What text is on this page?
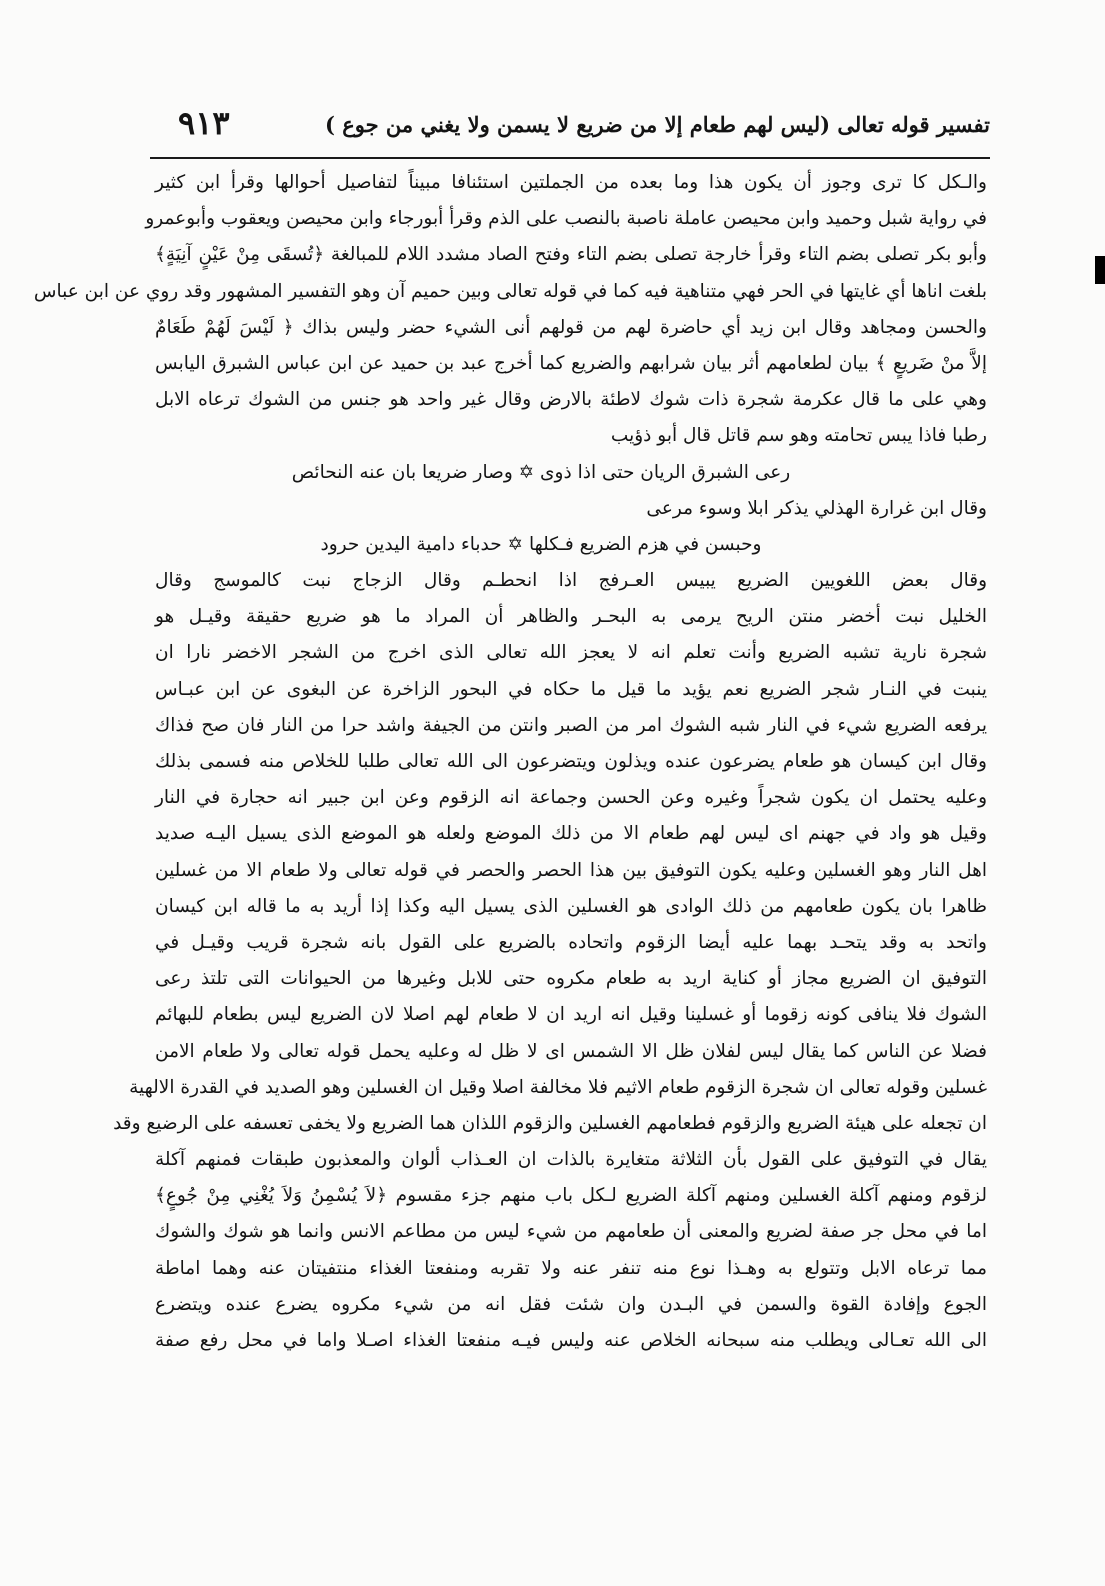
تفسير قوله تعالى (ليس لهم طعام إلا من ضريع لا يسمن ولا يغني من جوع )
۹۱۳
والـكل كا ترى وجوز أن يكون هذا وما بعده من الجملتين استئنافا مبيناً لتفاصيل أحوالها وقرأ ابن كثير
في رواية شبل وحميد وابن محيصن عاملة ناصبة بالنصب على الذم وقرأ أبورجاء وابن محيصن ويعقوب وأبوعمرو
وأبو بكر تصلى بضم التاء وقرأ خارجة تصلى بضم التاء وفتح الصاد مشدد اللام للمبالغة ﴿تُسقَى مِنْ عَيْنٍ آنِيَةٍ﴾
بلغت اناها أي غايتها في الحر فهي متناهية فيه كما في قوله تعالى وبين حميم آن وهو التفسير المشهور وقد روي عن ابن عباس
والحسن ومجاهد وقال ابن زيد أي حاضرة لهم من قولهم أنى الشيء حضر وليس بذاك ﴿ لَيْسَ لَهُمْ طَعَامٌ
إلاَّ منْ ضَريعٍ ﴾ بيان لطعامهم أثر بيان شرابهم والضريع كما أخرج عبد بن حميد عن ابن عباس الشبرق اليابس
وهي على ما قال عكرمة شجرة ذات شوك لاطئة بالارض وقال غير واحد هو جنس من الشوك ترعاه الابل
رطبا فاذا يبس تحامته وهو سم قاتل قال أبو ذؤيب
رعى الشبرق الريان حتى اذا ذوى ✡ وصار ضريعا بان عنه النحائص
وقال ابن غرارة الهذلي يذكر ابلا وسوء مرعى
وحبسن في هزم الضريع فـكلها ✡ حدباء دامية اليدين حرود
وقال بعض اللغويين الضريع يبيس العـرفج اذا انحطـم وقال الزجاج نبت كالموسج وقال
الخليل نبت أخضر منتن الريح يرمى به البحـر والظاهر أن المراد ما هو ضريع حقيقة وقيـل هو
شجرة نارية تشبه الضريع وأنت تعلم انه لا يعجز الله تعالى الذى اخرج من الشجر الاخضر نارا ان
ينبت في النـار شجر الضريع نعم يؤيد ما قيل ما حكاه في البحور الزاخرة عن البغوى عن ابن عبـاس
يرفعه الضريع شيء في النار شبه الشوك امر من الصبر وانتن من الجيفة واشد حرا من النار فان صح فذاك
وقال ابن كيسان هو طعام يضرعون عنده ويذلون ويتضرعون الى الله تعالى طلبا للخلاص منه فسمى بذلك
وعليه يحتمل ان يكون شجراً وغيره وعن الحسن وجماعة انه الزقوم وعن ابن جبير انه حجارة في النار
وقيل هو واد في جهنم اى ليس لهم طعام الا من ذلك الموضع ولعله هو الموضع الذى يسيل اليـه صديد
اهل النار وهو الغسلين وعليه يكون التوفيق بين هذا الحصر والحصر في قوله تعالى ولا طعام الا من غسلين
ظاهرا بان يكون طعامهم من ذلك الوادى هو الغسلين الذى يسيل اليه وكذا إذا أريد به ما قاله ابن كيسان
واتحد به وقد يتحـد بهما عليه أيضا الزقوم واتحاده بالضريع على القول بانه شجرة قريب وقيـل في
التوفيق ان الضريع مجاز أو كناية اريد به طعام مكروه حتى للابل وغيرها من الحيوانات التى تلتذ رعى
الشوك فلا ينافى كونه زقوما أو غسلينا وقيل انه اريد ان لا طعام لهم اصلا لان الضريع ليس بطعام للبهائم
فضلا عن الناس كما يقال ليس لفلان ظل الا الشمس اى لا ظل له وعليه يحمل قوله تعالى ولا طعام الامن
غسلين وقوله تعالى ان شجرة الزقوم طعام الاثيم فلا مخالفة اصلا وقيل ان الغسلين وهو الصديد في القدرة الالهية
ان تجعله على هيئة الضريع والزقوم فطعامهم الغسلين والزقوم اللذان هما الضريع ولا يخفى تعسفه على الرضيع وقد
يقال في التوفيق على القول بأن الثلاثة متغايرة بالذات ان العـذاب ألوان والمعذبون طبقات فمنهم آكلة
لزقوم ومنهم آكلة الغسلين ومنهم آكلة الضريع لـكل باب منهم جزء مقسوم ﴿لاَ يُسْمِنُ وَلاَ يُغْنِي مِنْ جُوعٍ﴾
اما في محل جر صفة لضريع والمعنى أن طعامهم من شيء ليس من مطاعم الانس وانما هو شوك والشوك
مما ترعاه الابل وتتولع به وهـذا نوع منه تنفر عنه ولا تقربه ومنفعتا الغذاء منتفيتان عنه وهما اماطة
الجوع وإفادة القوة والسمن في البـدن وان شئت فقل انه من شيء مكروه يضرع عنده ويتضرع
الى الله تعـالى ويطلب منه سبحانه الخلاص عنه وليس فيـه منفعتا الغذاء اصـلا واما في محل رفع صفة
